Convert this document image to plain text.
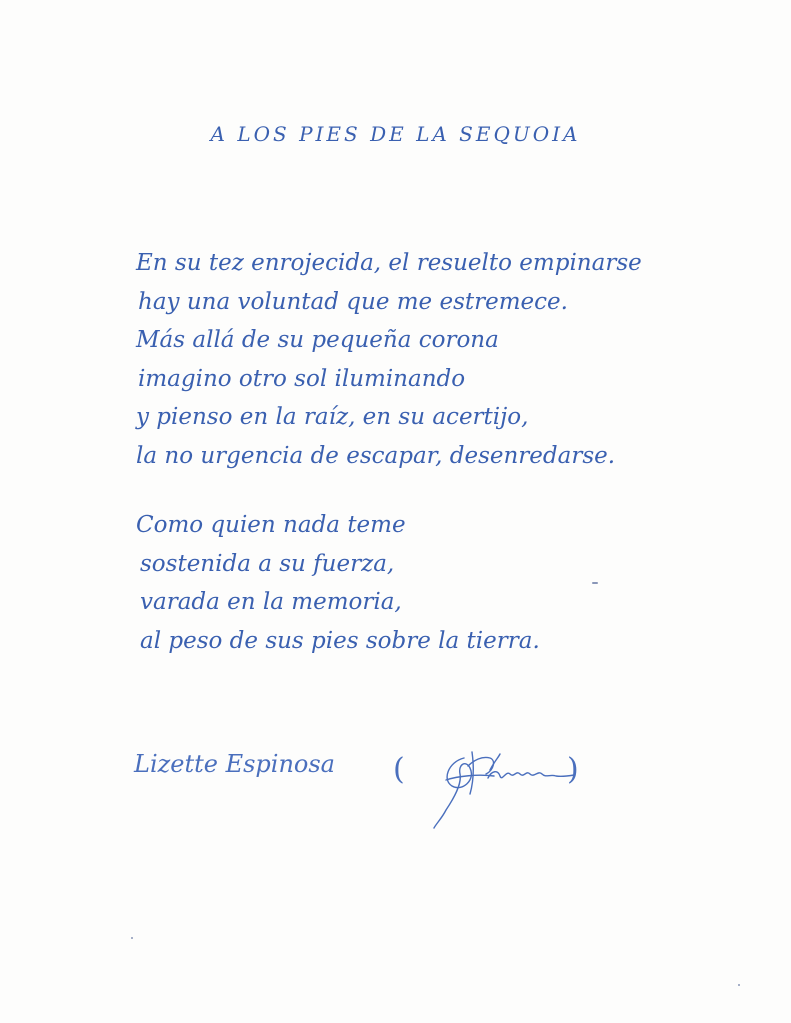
A LOS PIES DE LA SEQUOIA
En su tez enrojecida, el resuelto empinarse
hay una voluntad que me estremece.
Más allá de su pequeña corona
imagino otro sol iluminando
y pienso en la raíz, en su acertijo,
la no urgencia de escapar, desenredarse.
Como quien nada teme
sostenida a su fuerza,
varada en la memoria,
al peso de sus pies sobre la tierra.
Lizette Espinosa (	)
